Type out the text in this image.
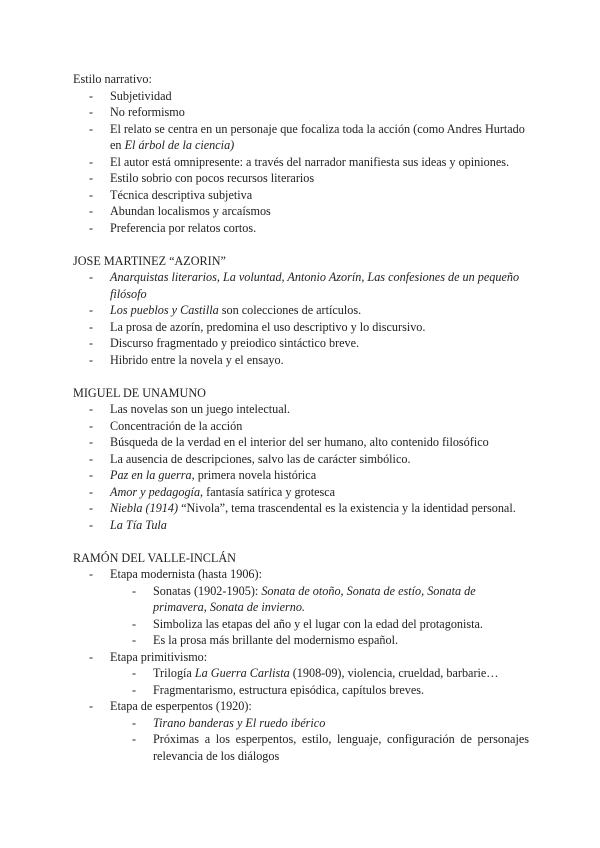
Estilo narrativo:

- Subjetividad
- No reformismo
- El relato se centra en un personaje que focaliza toda la acción (como Andres Hurtado en El árbol de la ciencia)
- El autor está omnipresente: a través del narrador manifiesta sus ideas y opiniones.
- Estilo sobrio con pocos recursos literarios
- Técnica descriptiva subjetiva
- Abundan localismos y arcaísmos
- Preferencia por relatos cortos.

JOSE MARTINEZ “AZORIN”

- Anarquistas literarios, La voluntad, Antonio Azorín, Las confesiones de un pequeño filósofo
- Los pueblos y Castilla son colecciones de artículos.
- La prosa de azorín, predomina el uso descriptivo y lo discursivo.
- Discurso fragmentado y preiodico sintáctico breve.
- Hibrido entre la novela y el ensayo.

MIGUEL DE UNAMUNO

- Las novelas son un juego intelectual.
- Concentración de la acción
- Búsqueda de la verdad en el interior del ser humano, alto contenido filosófico
- La ausencia de descripciones, salvo las de carácter simbólico.
- Paz en la guerra, primera novela histórica
- Amor y pedagogía, fantasía satírica y grotesca
- Niebla (1914) “Nivola”, tema trascendental es la existencia y la identidad personal.
- La Tía Tula

RAMÓN DEL VALLE-INCLÁN

- Etapa modernista (hasta 1906):
- Sonatas (1902-1905): Sonata de otoño, Sonata de estío, Sonata de primavera, Sonata de invierno.
- Simboliza las etapas del año y el lugar con la edad del protagonista.
- Es la prosa más brillante del modernismo español.
- Etapa primitivismo:
- Trilogía La Guerra Carlista (1908-09), violencia, crueldad, barbarie…
- Fragmentarismo, estructura episódica, capítulos breves.
- Etapa de esperpentos (1920):
- Tirano banderas y El ruedo ibérico
- Próximas a los esperpentos, estilo, lenguaje, configuración de personajes relevancia de los diálogos
